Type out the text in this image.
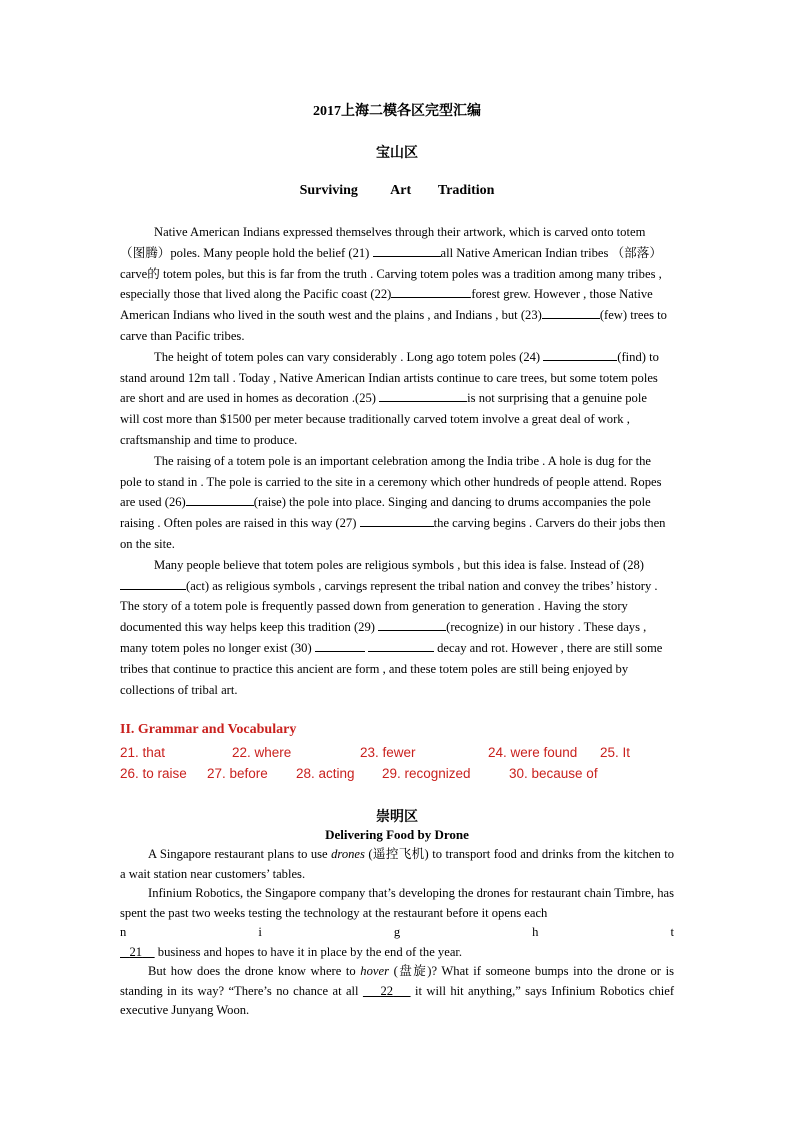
2017上海二模各区完型汇编
宝山区
Surviving Art Tradition

Native American Indians expressed themselves through their artwork, which is carved onto totem（图腾）poles. Many people hold the belief (21)	all Native American Indian tribes （部落）carve的 totem poles, but this is far from the truth . Carving totem poles was a tradition among many tribes , especially those that lived along the Pacific coast (22)	forest grew. However , those Native American Indians who lived in the south west and the plains , and Indians , but (23)	(few) trees to carve than Pacific tribes.

The height of totem poles can vary considerably . Long ago totem poles (24)	(find) to stand around 12m tall . Today , Native American Indian artists continue to care trees, but some totem poles are short and are used in homes as decoration .(25)	is not surprising that a genuine pole will cost more than $1500 per meter because traditionally carved totem involve a great deal of work , craftsmanship and time to produce.

The raising of a totem pole is an important celebration among the India tribe . A hole is dug for the pole to stand in . The pole is carried to the site in a ceremony which other hundreds of people attend. Ropes are used (26)	(raise) the pole into place. Singing and dancing to drums accompanies the pole raising . Often poles are raised in this way (27)	the carving begins . Carvers do their jobs then on the site.

Many people believe that totem poles are religious symbols , but this idea is false. Instead of (28) (act) as religious symbols , carvings represent the tribal nation and convey the tribes’ history . The story of a totem pole is frequently passed down from generation to generation . Having the story documented this way helps keep this tradition (29)	(recognize) in our history . These days , many totem poles no longer exist (30)	decay and rot. However , there are still some tribes that continue to practice this ancient are form , and these totem poles are still being enjoyed by collections of tribal art.

II. Grammar and Vocabulary
21. that	22. where	23. fewer	24. were found 25. It
26. to raise 27. before 28. acting 29. recognized	30. because of
崇明区
Delivering Food by Drone

A Singapore restaurant plans to use drones (遥控飞机) to transport food and drinks from the kitchen to a wait station near customers’ tables.

Infinium Robotics, the Singapore company that’s developing the drones for restaurant chain Timbre, has spent the past two weeks testing the technology at the restaurant before it opens each

n	i	g	h	t
21     business and hopes to have it in place by the end of the year.

But how does the drone know where to hover (盘旋)? What if someone bumps into the drone or is standing in its way? “There’s no chance at all     22     it will hit anything,” says Infinium Robotics chief executive Junyang Woon.
